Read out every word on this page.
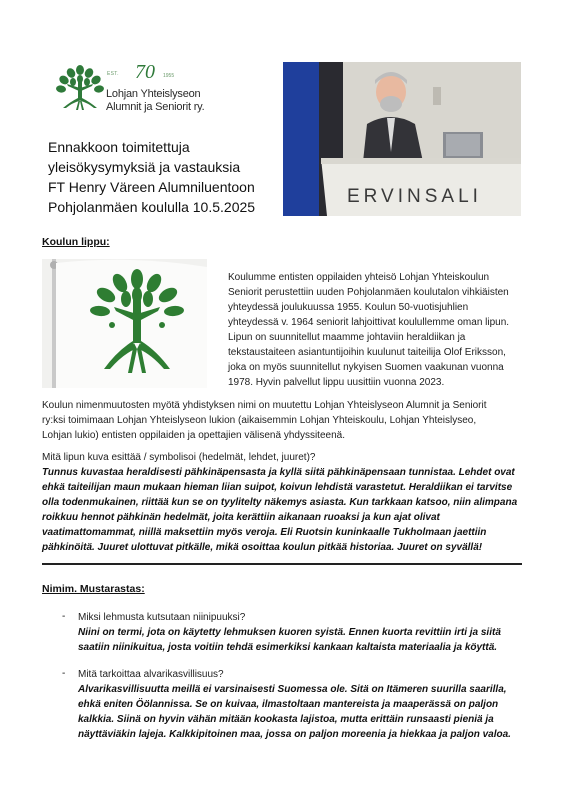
EST. 70 1955
Lohjan Yhteislyseon
Alumnit ja Seniorit ry.
Ennakkoon toimitettuja
yleisökysymyksiä ja vastauksia
FT Henry Väreen Alumniluentoon
Pohjolanmäen koululla 10.5.2025	ERVINSALI
Koulun lippu:
Koulumme entisten oppilaiden yhteisö Lohjan Yhteiskoulun
Seniorit perustettiin uuden Pohjolanmäen koulutalon vihkiäisten
yhteydessä joulukuussa 1955. Koulun 50-vuotisjuhlien
yhteydessä v. 1964 seniorit lahjoittivat koulullemme oman lipun.
Lipun on suunnitellut maamme johtaviin heraldiikan ja
tekstaustaiteen asiantuntijoihin kuulunut taiteilija Olof Eriksson,
joka on myös suunnitellut nykyisen Suomen vaakunan vuonna
1978. Hyvin palvellut lippu uusittiin vuonna 2023.
Koulun nimenmuutosten myötä yhdistyksen nimi on muutettu Lohjan Yhteislyseon Alumnit ja Seniorit
ry:ksi toimimaan Lohjan Yhteislyseon lukion (aikaisemmin Lohjan Yhteiskoulu, Lohjan Yhteislyseo,
Lohjan lukio) entisten oppilaiden ja opettajien välisenä yhdyssiteenä.
Mitä lipun kuva esittää / symbolisoi (hedelmät, lehdet, juuret)?
Tunnus kuvastaa heraldisesti pähkinäpensasta ja kyllä siitä pähkinäpensaan tunnistaa. Lehdet ovat
ehkä taiteilijan maun mukaan hieman liian suipot, koivun lehdistä varastetut. Heraldiikan ei tarvitse
olla todenmukainen, riittää kun se on tyylitelty näkemys asiasta. Kun tarkkaan katsoo, niin alimpana
roikkuu hennot pähkinän hedelmät, joita kerättiin aikanaan ruoaksi ja kun ajat olivat
vaatimattomammat, niillä maksettiin myös veroja. Eli Ruotsin kuninkaalle Tukholmaan jaettiin
pähkinöitä. Juuret ulottuvat pitkälle, mikä osoittaa koulun pitkää historiaa. Juuret on syvällä!
Nimim. Mustarastas:
- Miksi lehmusta kutsutaan niinipuuksi?
Niini on termi, jota on käytetty lehmuksen kuoren syistä. Ennen kuorta revittiin irti ja siitä
saatiin niinikuitua, josta voitiin tehdä esimerkiksi kankaan kaltaista materiaalia ja köyttä.
- Mitä tarkoittaa alvarikasvillisuus?
Alvarikasvillisuutta meillä ei varsinaisesti Suomessa ole. Sitä on Itämeren suurilla saarilla,
ehkä eniten Öölannissa. Se on kuivaa, ilmastoltaan mantereista ja maaperässä on paljon
kalkkia. Siinä on hyvin vähän mitään kookasta lajistoa, mutta erittäin runsaasti pieniä ja
näyttäviäkin lajeja. Kalkkipitoinen maa, jossa on paljon moreenia ja hiekkaa ja paljon valoa.
